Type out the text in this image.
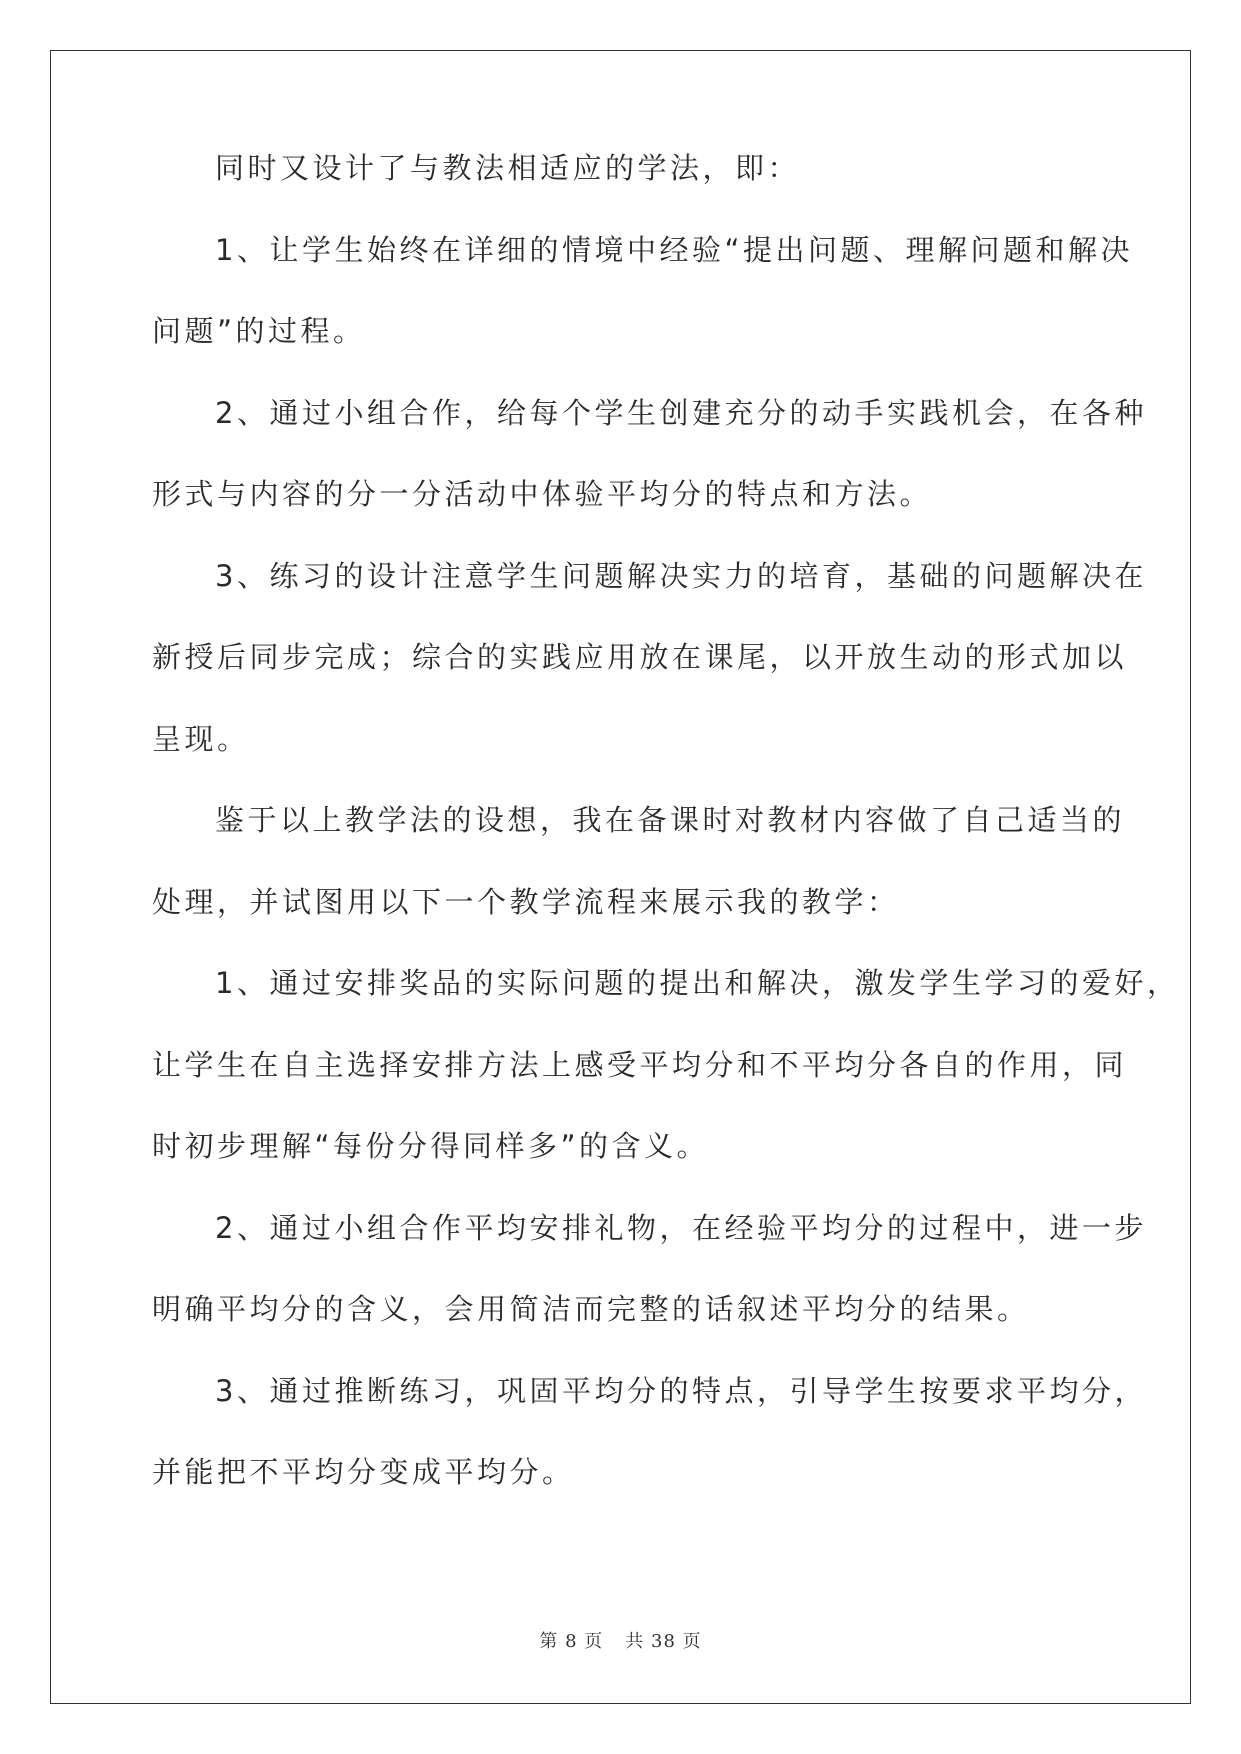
同时又设计了与教法相适应的学法，即：
1、让学生始终在详细的情境中经验“提出问题、理解问题和解决
问题”的过程。
2、通过小组合作，给每个学生创建充分的动手实践机会，在各种
形式与内容的分一分活动中体验平均分的特点和方法。
3、练习的设计注意学生问题解决实力的培育，基础的问题解决在
新授后同步完成；综合的实践应用放在课尾，以开放生动的形式加以
呈现。
鉴于以上教学法的设想，我在备课时对教材内容做了自己适当的
处理，并试图用以下一个教学流程来展示我的教学：
1、通过安排奖品的实际问题的提出和解决，激发学生学习的爱好，
让学生在自主选择安排方法上感受平均分和不平均分各自的作用，同
时初步理解“每份分得同样多”的含义。
2、通过小组合作平均安排礼物，在经验平均分的过程中，进一步
明确平均分的含义，会用简洁而完整的话叙述平均分的结果。
3、通过推断练习，巩固平均分的特点，引导学生按要求平均分，
并能把不平均分变成平均分。
第 8 页 共 38 页
